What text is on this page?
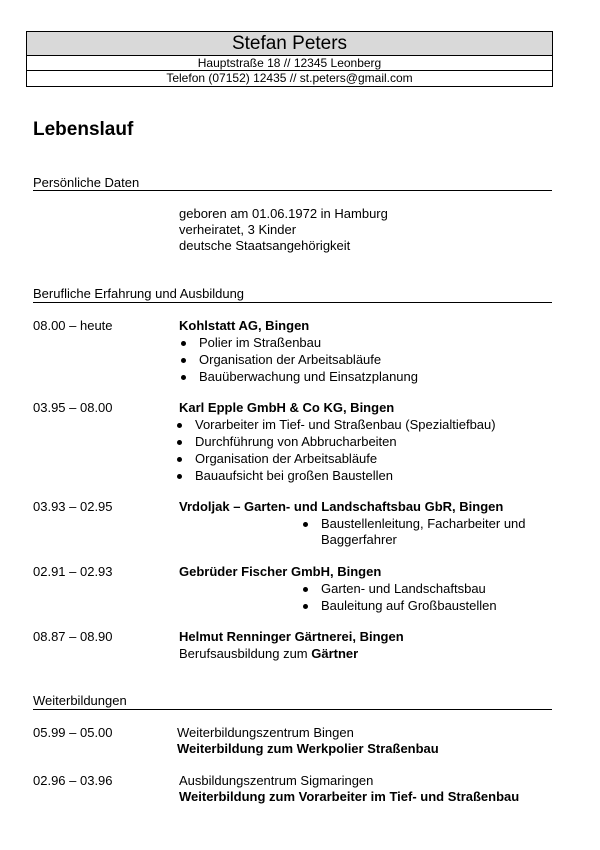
Stefan Peters
Hauptstraße 18 // 12345 Leonberg
Telefon (07152) 12435 // st.peters@gmail.com
Lebenslauf
Persönliche Daten
geboren am 01.06.1972 in Hamburg
verheiratet, 3 Kinder
deutsche Staatsangehörigkeit
Berufliche Erfahrung und Ausbildung
08.00 – heute	Kohlstatt AG, Bingen
Polier im Straßenbau
Organisation der Arbeitsabläufe
Bauüberwachung und Einsatzplanung
03.95 – 08.00	Karl Epple GmbH & Co KG, Bingen
Vorarbeiter im Tief- und Straßenbau (Spezialtiefbau)
Durchführung von Abbrucharbeiten
Organisation der Arbeitsabläufe
Bauaufsicht bei großen Baustellen
03.93 – 02.95	Vrdoljak – Garten- und Landschaftsbau GbR, Bingen
Baustellenleitung, Facharbeiter und
Baggerfahrer
02.91 – 02.93	Gebrüder Fischer GmbH, Bingen
Garten- und Landschaftsbau
Bauleitung auf Großbaustellen
08.87 – 08.90	Helmut Renninger Gärtnerei, Bingen
Berufsausbildung zum Gärtner
Weiterbildungen
05.99 – 05.00	Weiterbildungszentrum Bingen
Weiterbildung zum Werkpolier Straßenbau
02.96 – 03.96	Ausbildungszentrum Sigmaringen
Weiterbildung zum Vorarbeiter im Tief- und Straßenbau
